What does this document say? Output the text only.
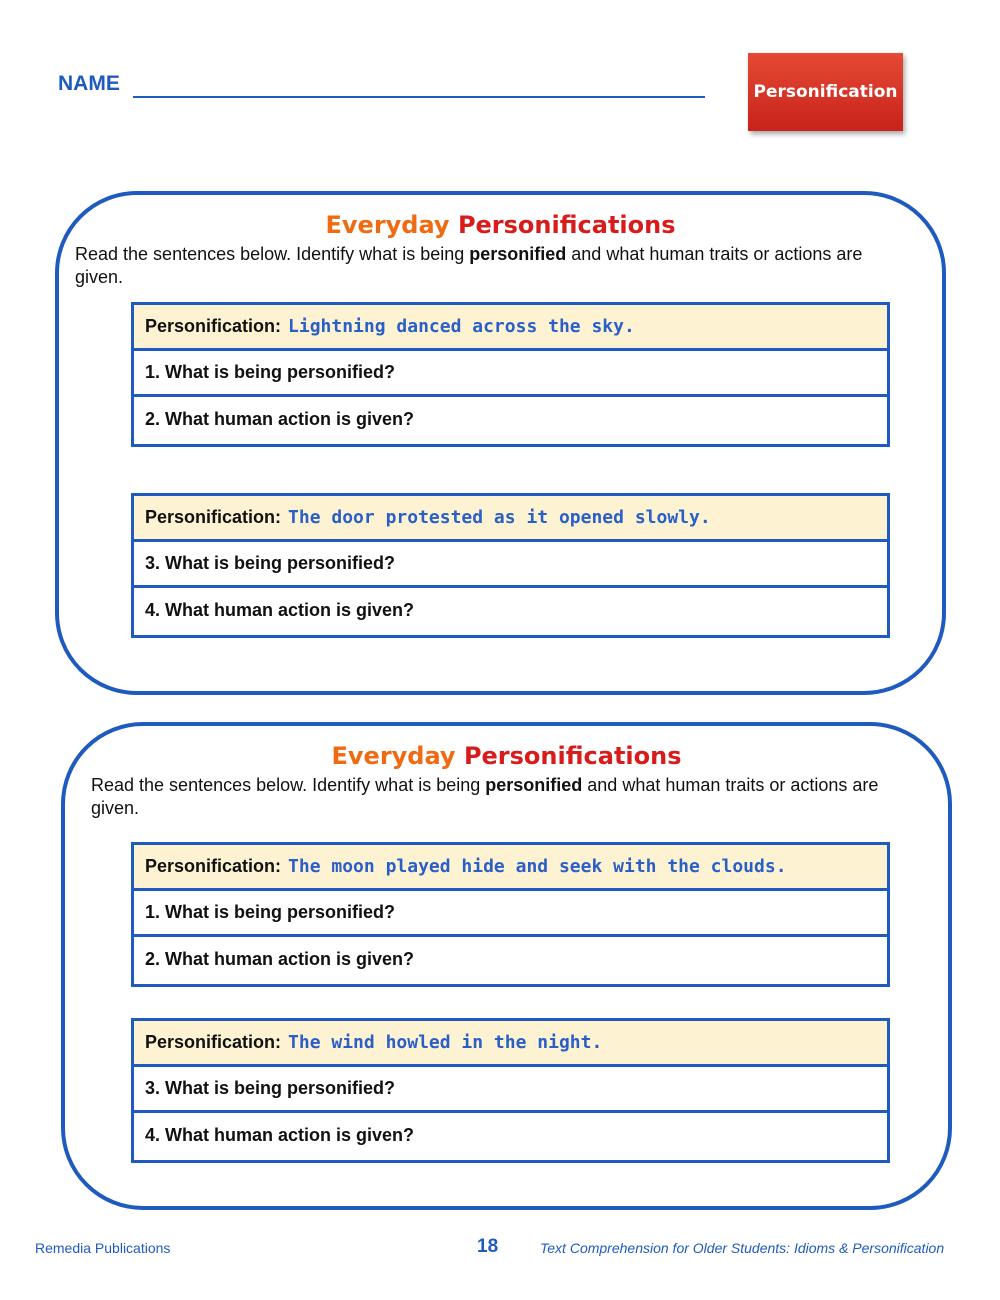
NAME	Personification
Everyday Personifications
Read the sentences below. Identify what is being personified and what human traits or actions are given.
Personification: Lightning danced across the sky.
1. What is being personified?
2. What human action is given?
Personification: The door protested as it opened slowly.
3. What is being personified?
4. What human action is given?
Everyday Personifications
Read the sentences below. Identify what is being personified and what human traits or actions are given.
Personification: The moon played hide and seek with the clouds.
1. What is being personified?
2. What human action is given?
Personification: The wind howled in the night.
3. What is being personified?
4. What human action is given?
Remedia Publications	18	Text Comprehension for Older Students: Idioms & Personification
